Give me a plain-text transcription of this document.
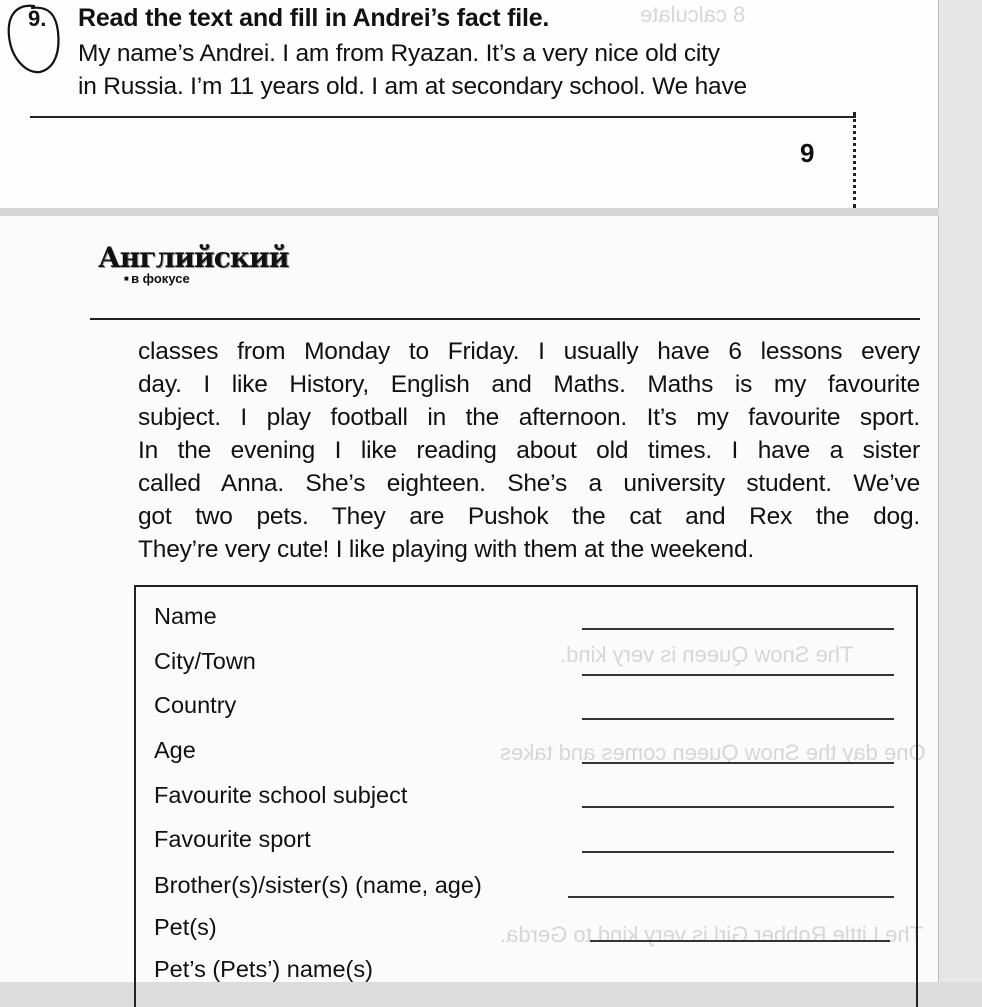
8 calculate
9. Read the text and fill in Andrei’s fact file.
My name’s Andrei. I am from Ryazan. It’s a very nice old city
in Russia. I’m 11 years old. I am at secondary school. We have
9
The Snow Queen is very kind.
One day the Snow Queen comes and takes
The Little Robber Girl is very kind to Gerda.
Английский
■ в фокусе
classes from Monday to Friday. I usually have 6 lessons every
day. I like History, English and Maths. Maths is my favourite
subject. I play football in the afternoon. It’s my favourite sport.
In the evening I like reading about old times. I have a sister
called Anna. She’s eighteen. She’s a university student. We’ve
got two pets. They are Pushok the cat and Rex the dog.
They’re very cute! I like playing with them at the weekend.
Name
City/Town
Country
Age
Favourite school subject
Favourite sport
Brother(s)/sister(s) (name, age)
Pet(s)
Pet’s (Pets’) name(s)
